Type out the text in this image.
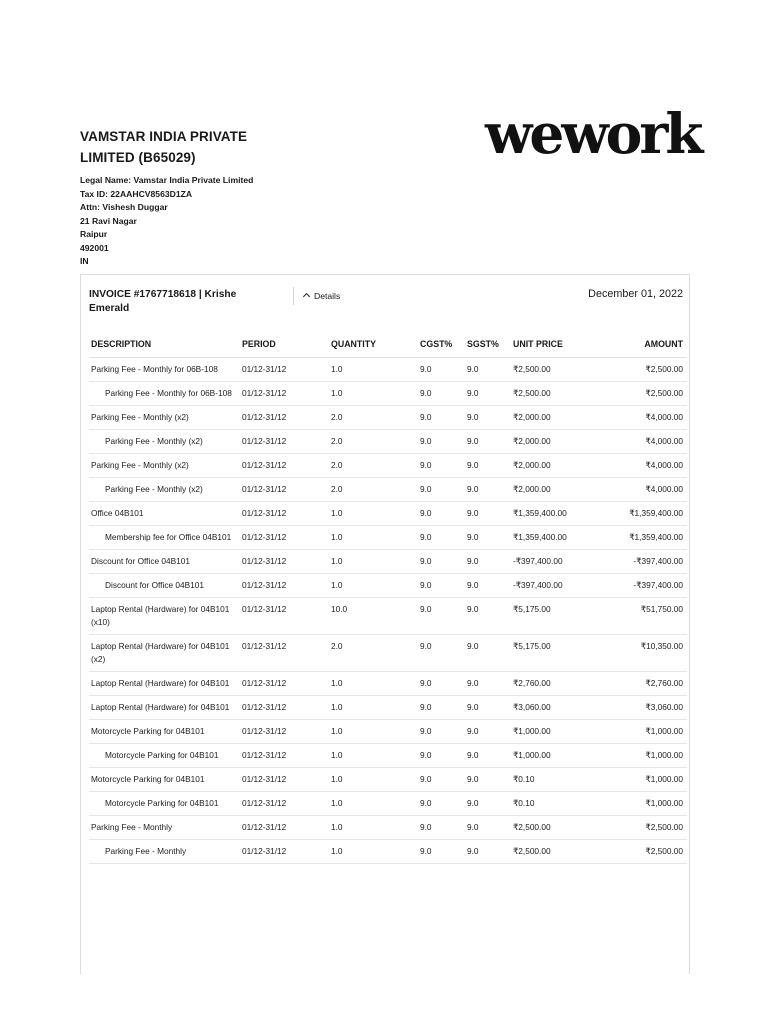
VAMSTAR INDIA PRIVATE
LIMITED (B65029)
Legal Name: Vamstar India Private Limited
Tax ID: 22AAHCV8563D1ZA
Attn: Vishesh Duggar
21 Ravi Nagar
Raipur
492001
IN
wework
INVOICE #1767718618 | Krishe Emerald
Details	December 01, 2022
DESCRIPTION	PERIOD	QUANTITY	CGST%	SGST%	UNIT PRICE	AMOUNT
Parking Fee - Monthly for 06B-108	01/12-31/12	1.0	9.0	9.0	₹2,500.00	₹2,500.00
Parking Fee - Monthly for 06B-108	01/12-31/12	1.0	9.0	9.0	₹2,500.00	₹2,500.00
Parking Fee - Monthly (x2)	01/12-31/12	2.0	9.0	9.0	₹2,000.00	₹4,000.00
Parking Fee - Monthly (x2)	01/12-31/12	2.0	9.0	9.0	₹2,000.00	₹4,000.00
Parking Fee - Monthly (x2)	01/12-31/12	2.0	9.0	9.0	₹2,000.00	₹4,000.00
Parking Fee - Monthly (x2)	01/12-31/12	2.0	9.0	9.0	₹2,000.00	₹4,000.00
Office 04B101	01/12-31/12	1.0	9.0	9.0	₹1,359,400.00	₹1,359,400.00
Membership fee for Office 04B101	01/12-31/12	1.0	9.0	9.0	₹1,359,400.00	₹1,359,400.00
Discount for Office 04B101	01/12-31/12	1.0	9.0	9.0	-₹397,400.00	-₹397,400.00
Discount for Office 04B101	01/12-31/12	1.0	9.0	9.0	-₹397,400.00	-₹397,400.00
Laptop Rental (Hardware) for 04B101 (x10)	01/12-31/12	10.0	9.0	9.0	₹5,175.00	₹51,750.00
Laptop Rental (Hardware) for 04B101 (x2)	01/12-31/12	2.0	9.0	9.0	₹5,175.00	₹10,350.00
Laptop Rental (Hardware) for 04B101	01/12-31/12	1.0	9.0	9.0	₹2,760.00	₹2,760.00
Laptop Rental (Hardware) for 04B101	01/12-31/12	1.0	9.0	9.0	₹3,060.00	₹3,060.00
Motorcycle Parking for 04B101	01/12-31/12	1.0	9.0	9.0	₹1,000.00	₹1,000.00
Motorcycle Parking for 04B101	01/12-31/12	1.0	9.0	9.0	₹1,000.00	₹1,000.00
Motorcycle Parking for 04B101	01/12-31/12	1.0	9.0	9.0	₹0.10	₹1,000.00
Motorcycle Parking for 04B101	01/12-31/12	1.0	9.0	9.0	₹0.10	₹1,000.00
Parking Fee - Monthly	01/12-31/12	1.0	9.0	9.0	₹2,500.00	₹2,500.00
Parking Fee - Monthly	01/12-31/12	1.0	9.0	9.0	₹2,500.00	₹2,500.00
